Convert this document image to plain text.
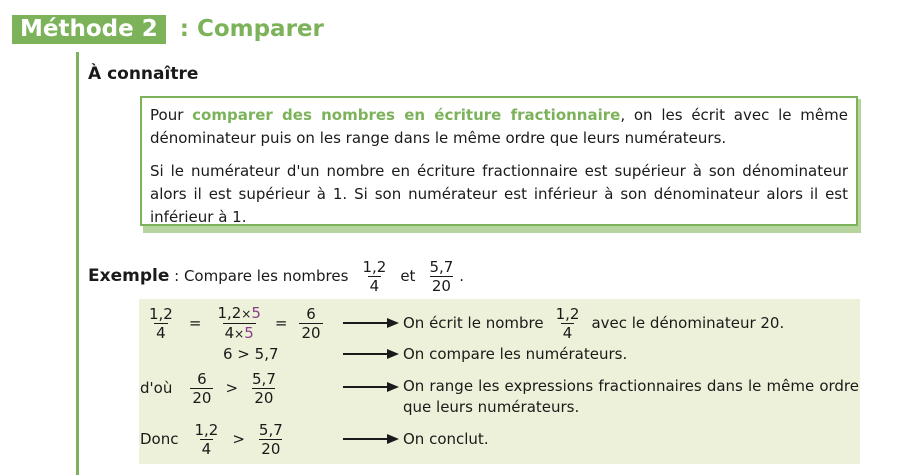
Méthode 2 : Comparer
À connaître

Pour comparer des nombres en écriture fractionnaire, on les écrit avec le même dénominateur puis on les range dans le même ordre que leurs numérateurs.

Si le numérateur d'un nombre en écriture fractionnaire est supérieur à son dénominateur alors il est supérieur à 1. Si son numérateur est inférieur à son dénominateur alors il est inférieur à 1.

Exemple : Compare les nombres $\frac{1,2}{4}$ et $\frac{5,7}{20}$ .
$\frac{1,2}{4} = \frac{1,2\times 5}{4\times 5} = \frac{6}{20}$	On écrit le nombre $\frac{1,2}{4}$ avec le dénominateur 20.
6 > 5,7	On compare les numérateurs.
d'où $\frac{6}{20} > \frac{5,7}{20}$	On range les expressions fractionnaires dans le même ordre que leurs numérateurs.
Donc $\frac{1,2}{4} > \frac{5,7}{20}$	On conclut.
